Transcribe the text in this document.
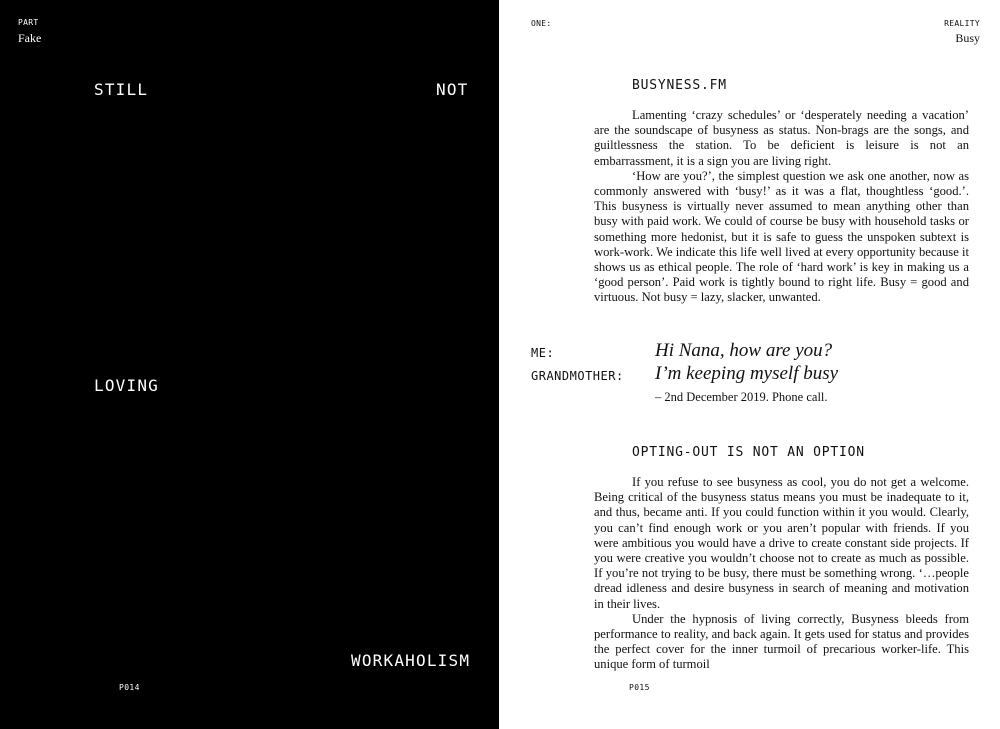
PART
Fake
STILL	NOT
LOVING
WORKAHOLISM
P014
ONE:	REALITY
Busy
BUSYNESS.FM

Lamenting ‘crazy schedules’ or ‘desperately needing a vacation’ are the soundscape of busyness as status. Non-brags are the songs, and guiltlessness the station. To be deficient is leisure is not an embarrassment, it is a sign you are living right.

‘How are you?’, the simplest question we ask one another, now as commonly answered with ‘busy!’ as it was a flat, thoughtless ‘good.’. This busyness is virtually never assumed to mean anything other than busy with paid work. We could of course be busy with household tasks or something more hedonist, but it is safe to guess the unspoken subtext is work-work. We indicate this life well lived at every opportunity because it shows us as ethical people. The role of ‘hard work’ is key in making us a ‘good person’. Paid work is tightly bound to right life. Busy = good and virtuous. Not busy = lazy, slacker, unwanted.

ME:	Hi Nana, how are you?
GRANDMOTHER: I’m keeping myself busy
– 2nd December 2019. Phone call.
OPTING-OUT IS NOT AN OPTION

If you refuse to see busyness as cool, you do not get a welcome. Being critical of the busyness status means you must be inadequate to it, and thus, became anti. If you could function within it you would. Clearly, you can’t find enough work or you aren’t popular with friends. If you were ambitious you would have a drive to create constant side projects. If you were creative you wouldn’t choose not to create as much as possible. If you’re not trying to be busy, there must be something wrong. ‘…people dread idleness and desire busyness in search of meaning and motivation in their lives.

Under the hypnosis of living correctly, Busyness bleeds from performance to reality, and back again. It gets used for status and provides the perfect cover for the inner turmoil of precarious worker-life. This unique form of turmoil

P015
